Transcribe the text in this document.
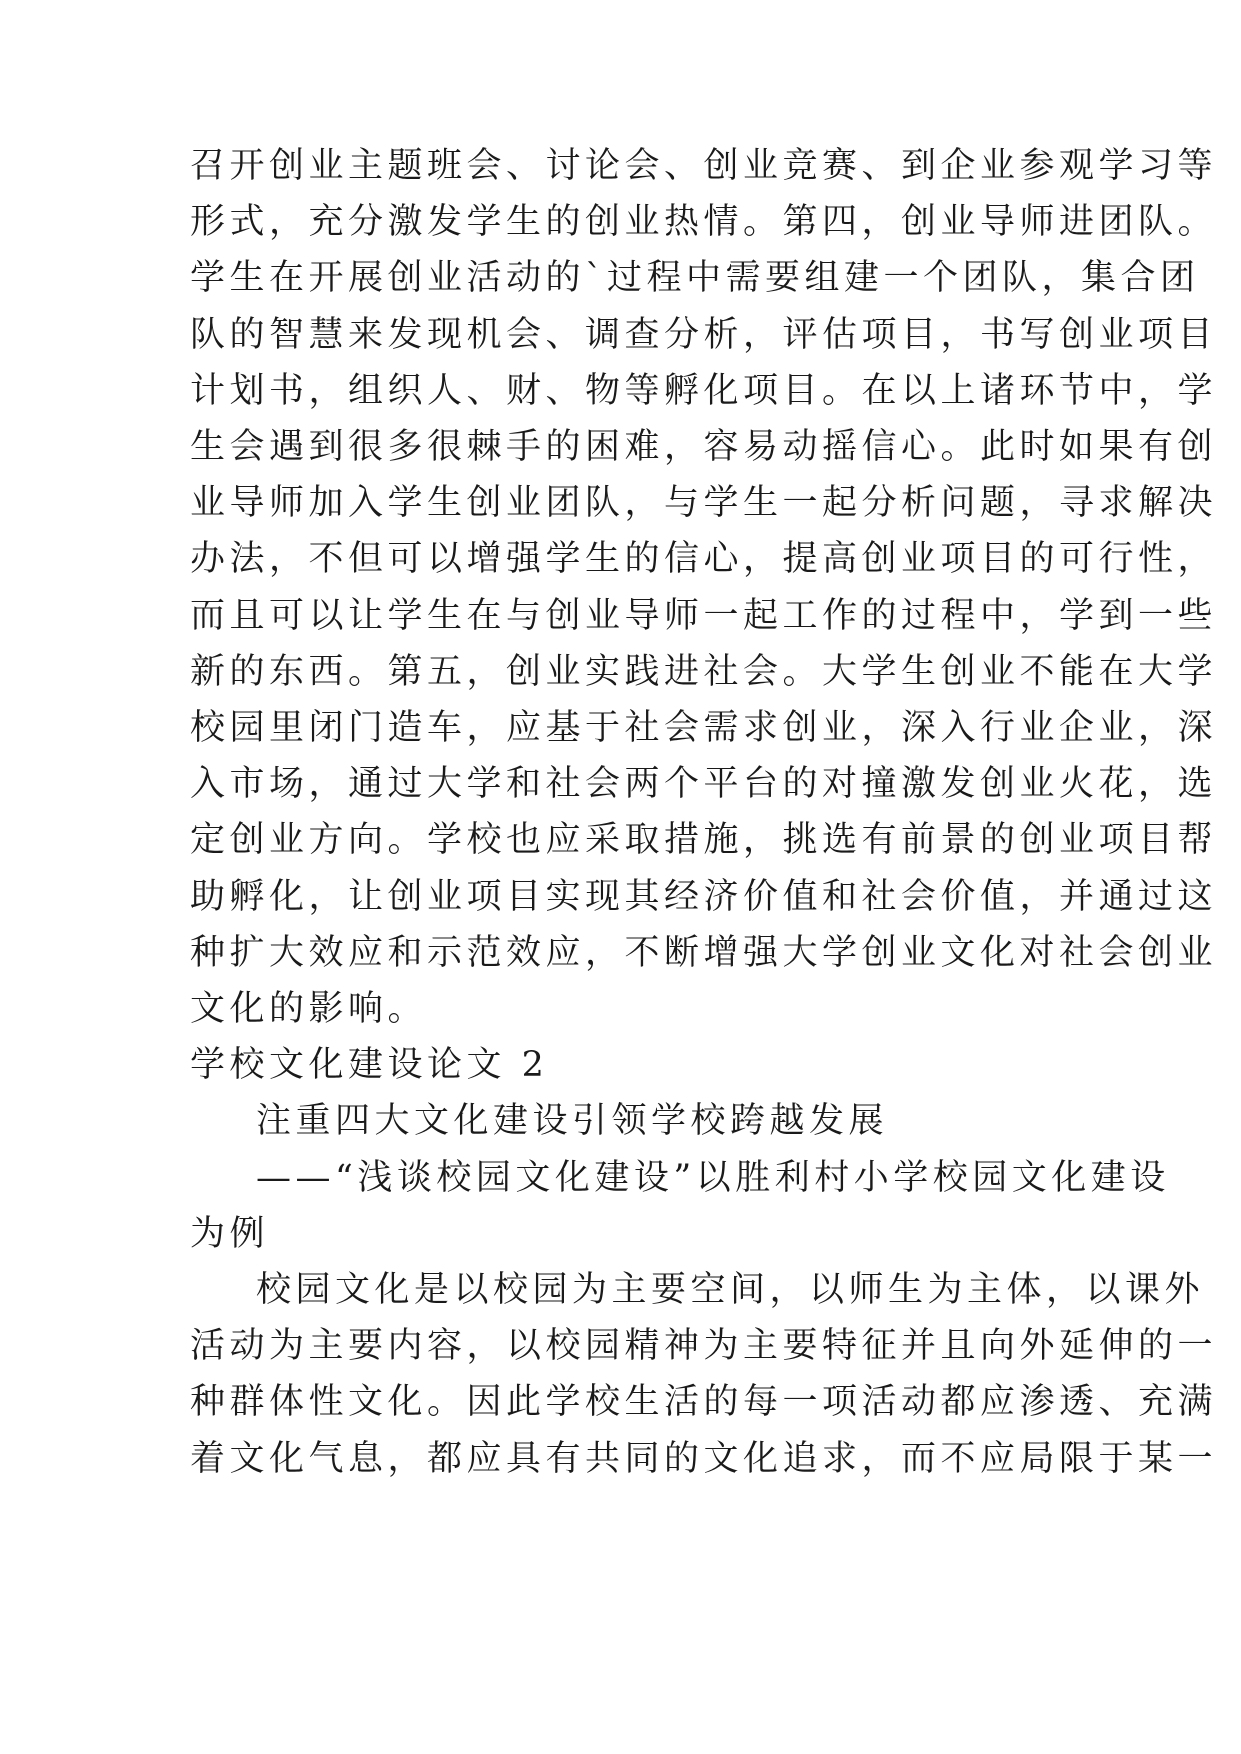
召开创业主题班会、讨论会、创业竞赛、到企业参观学习等
形式，充分激发学生的创业热情。第四，创业导师进团队。
学生在开展创业活动的`过程中需要组建一个团队，集合团
队的智慧来发现机会、调查分析，评估项目，书写创业项目
计划书，组织人、财、物等孵化项目。在以上诸环节中，学
生会遇到很多很棘手的困难，容易动摇信心。此时如果有创
业导师加入学生创业团队，与学生一起分析问题，寻求解决
办法，不但可以增强学生的信心，提高创业项目的可行性，
而且可以让学生在与创业导师一起工作的过程中，学到一些
新的东西。第五，创业实践进社会。大学生创业不能在大学
校园里闭门造车，应基于社会需求创业，深入行业企业，深
入市场，通过大学和社会两个平台的对撞激发创业火花，选
定创业方向。学校也应采取措施，挑选有前景的创业项目帮
助孵化，让创业项目实现其经济价值和社会价值，并通过这
种扩大效应和示范效应，不断增强大学创业文化对社会创业
文化的影响。
学校文化建设论文 2
注重四大文化建设引领学校跨越发展
——“浅谈校园文化建设”以胜利村小学校园文化建设
为例
校园文化是以校园为主要空间，以师生为主体，以课外
活动为主要内容，以校园精神为主要特征并且向外延伸的一
种群体性文化。因此学校生活的每一项活动都应渗透、充满
着文化气息，都应具有共同的文化追求，而不应局限于某一
